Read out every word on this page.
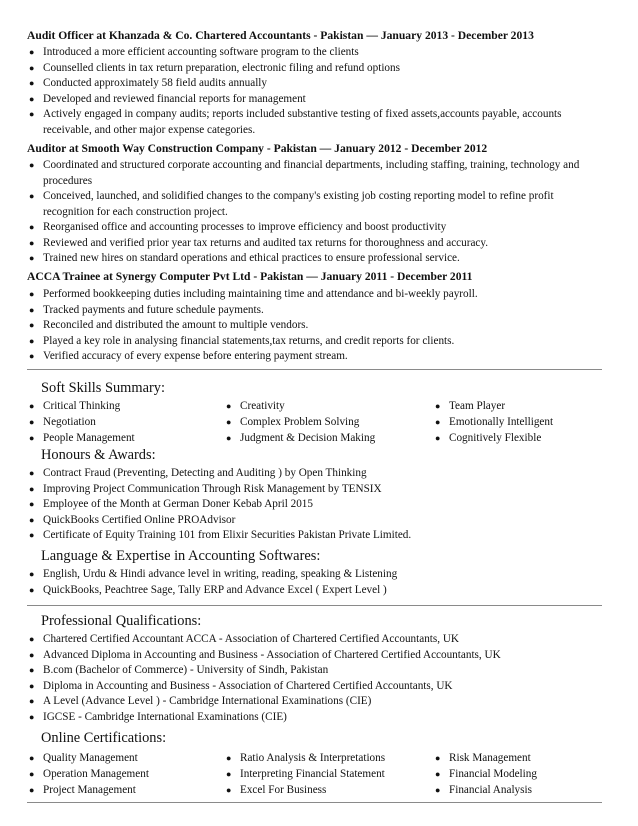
Audit Officer at Khanzada & Co. Chartered Accountants - Pakistan — January 2013 - December 2013
● Introduced a more efficient accounting software program to the clients
● Counselled clients in tax return preparation, electronic filing and refund options
● Conducted approximately 58 field audits annually
● Developed and reviewed financial reports for management
● Actively engaged in company audits; reports included substantive testing of fixed assets,accounts payable, accounts receivable, and other major expense categories.
Auditor at Smooth Way Construction Company - Pakistan — January 2012 - December 2012
● Coordinated and structured corporate accounting and financial departments, including staffing, training, technology and procedures
● Conceived, launched, and solidified changes to the company's existing job costing reporting model to refine profit recognition for each construction project.
● Reorganised office and accounting processes to improve efficiency and boost productivity
● Reviewed and verified prior year tax returns and audited tax returns for thoroughness and accuracy.
● Trained new hires on standard operations and ethical practices to ensure professional service.
ACCA Trainee at Synergy Computer Pvt Ltd - Pakistan — January 2011 - December 2011
● Performed bookkeeping duties including maintaining time and attendance and bi-weekly payroll.
● Tracked payments and future schedule payments.
● Reconciled and distributed the amount to multiple vendors.
● Played a key role in analysing financial statements,tax returns, and credit reports for clients.
● Verified accuracy of every expense before entering payment stream.
Soft Skills Summary:
● Critical Thinking
● Negotiation
● People Management
● Creativity
● Complex Problem Solving
● Judgment & Decision Making
● Team Player
● Emotionally Intelligent
● Cognitively Flexible
Honours & Awards:
● Contract Fraud (Preventing, Detecting and Auditing ) by Open Thinking
● Improving Project Communication Through Risk Management by TENSIX
● Employee of the Month at German Doner Kebab April 2015
● QuickBooks Certified Online PROAdvisor
● Certificate of Equity Training 101 from Elixir Securities Pakistan Private Limited.
Language & Expertise in Accounting Softwares:
● English, Urdu & Hindi advance level in writing, reading, speaking & Listening
● QuickBooks, Peachtree Sage, Tally ERP and Advance Excel ( Expert Level )
Professional Qualifications:
● Chartered Certified Accountant ACCA - Association of Chartered Certified Accountants, UK
● Advanced Diploma in Accounting and Business - Association of Chartered Certified Accountants, UK
● B.com (Bachelor of Commerce) - University of Sindh, Pakistan
● Diploma in Accounting and Business - Association of Chartered Certified Accountants, UK
● A Level (Advance Level ) - Cambridge International Examinations (CIE)
● IGCSE - Cambridge International Examinations (CIE)
Online Certifications:
● Quality Management
● Operation Management
● Project Management
● Ratio Analysis & Interpretations
● Interpreting Financial Statement
● Excel For Business
● Risk Management
● Financial Modeling
● Financial Analysis
